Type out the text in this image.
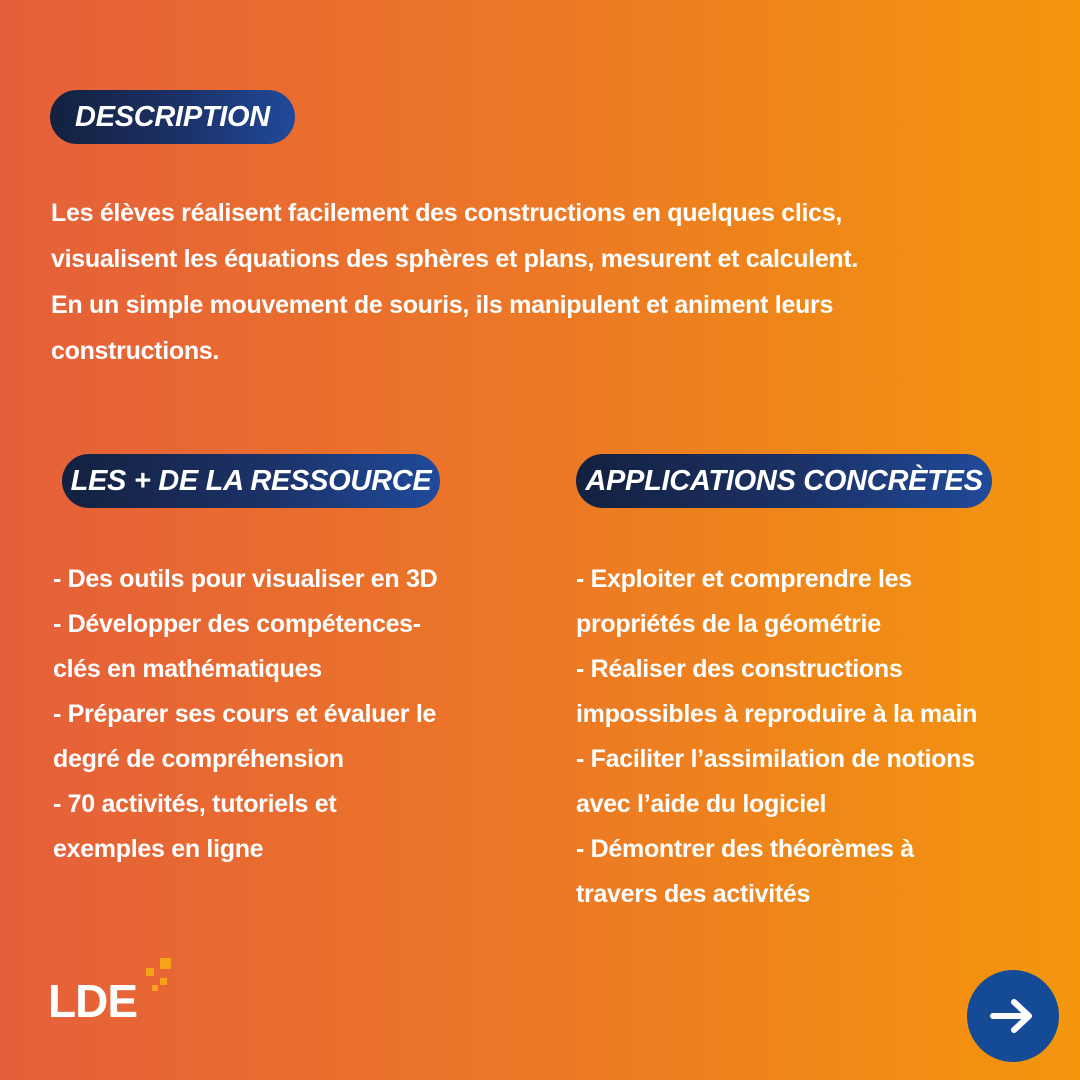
DESCRIPTION
Les élèves réalisent facilement des constructions en quelques clics,
visualisent les équations des sphères et plans, mesurent et calculent.
En un simple mouvement de souris, ils manipulent et animent leurs
constructions.
LES + DE LA RESSOURCE	APPLICATIONS CONCRÈTES
- Des outils pour visualiser en 3D
- Développer des compétences-
clés en mathématiques
- Préparer ses cours et évaluer le
degré de compréhension
- 70 activités, tutoriels et
exemples en ligne
- Exploiter et comprendre les
propriétés de la géométrie
- Réaliser des constructions
impossibles à reproduire à la main
- Faciliter l’assimilation de notions
avec l’aide du logiciel
- Démontrer des théorèmes à
travers des activités
LDE
